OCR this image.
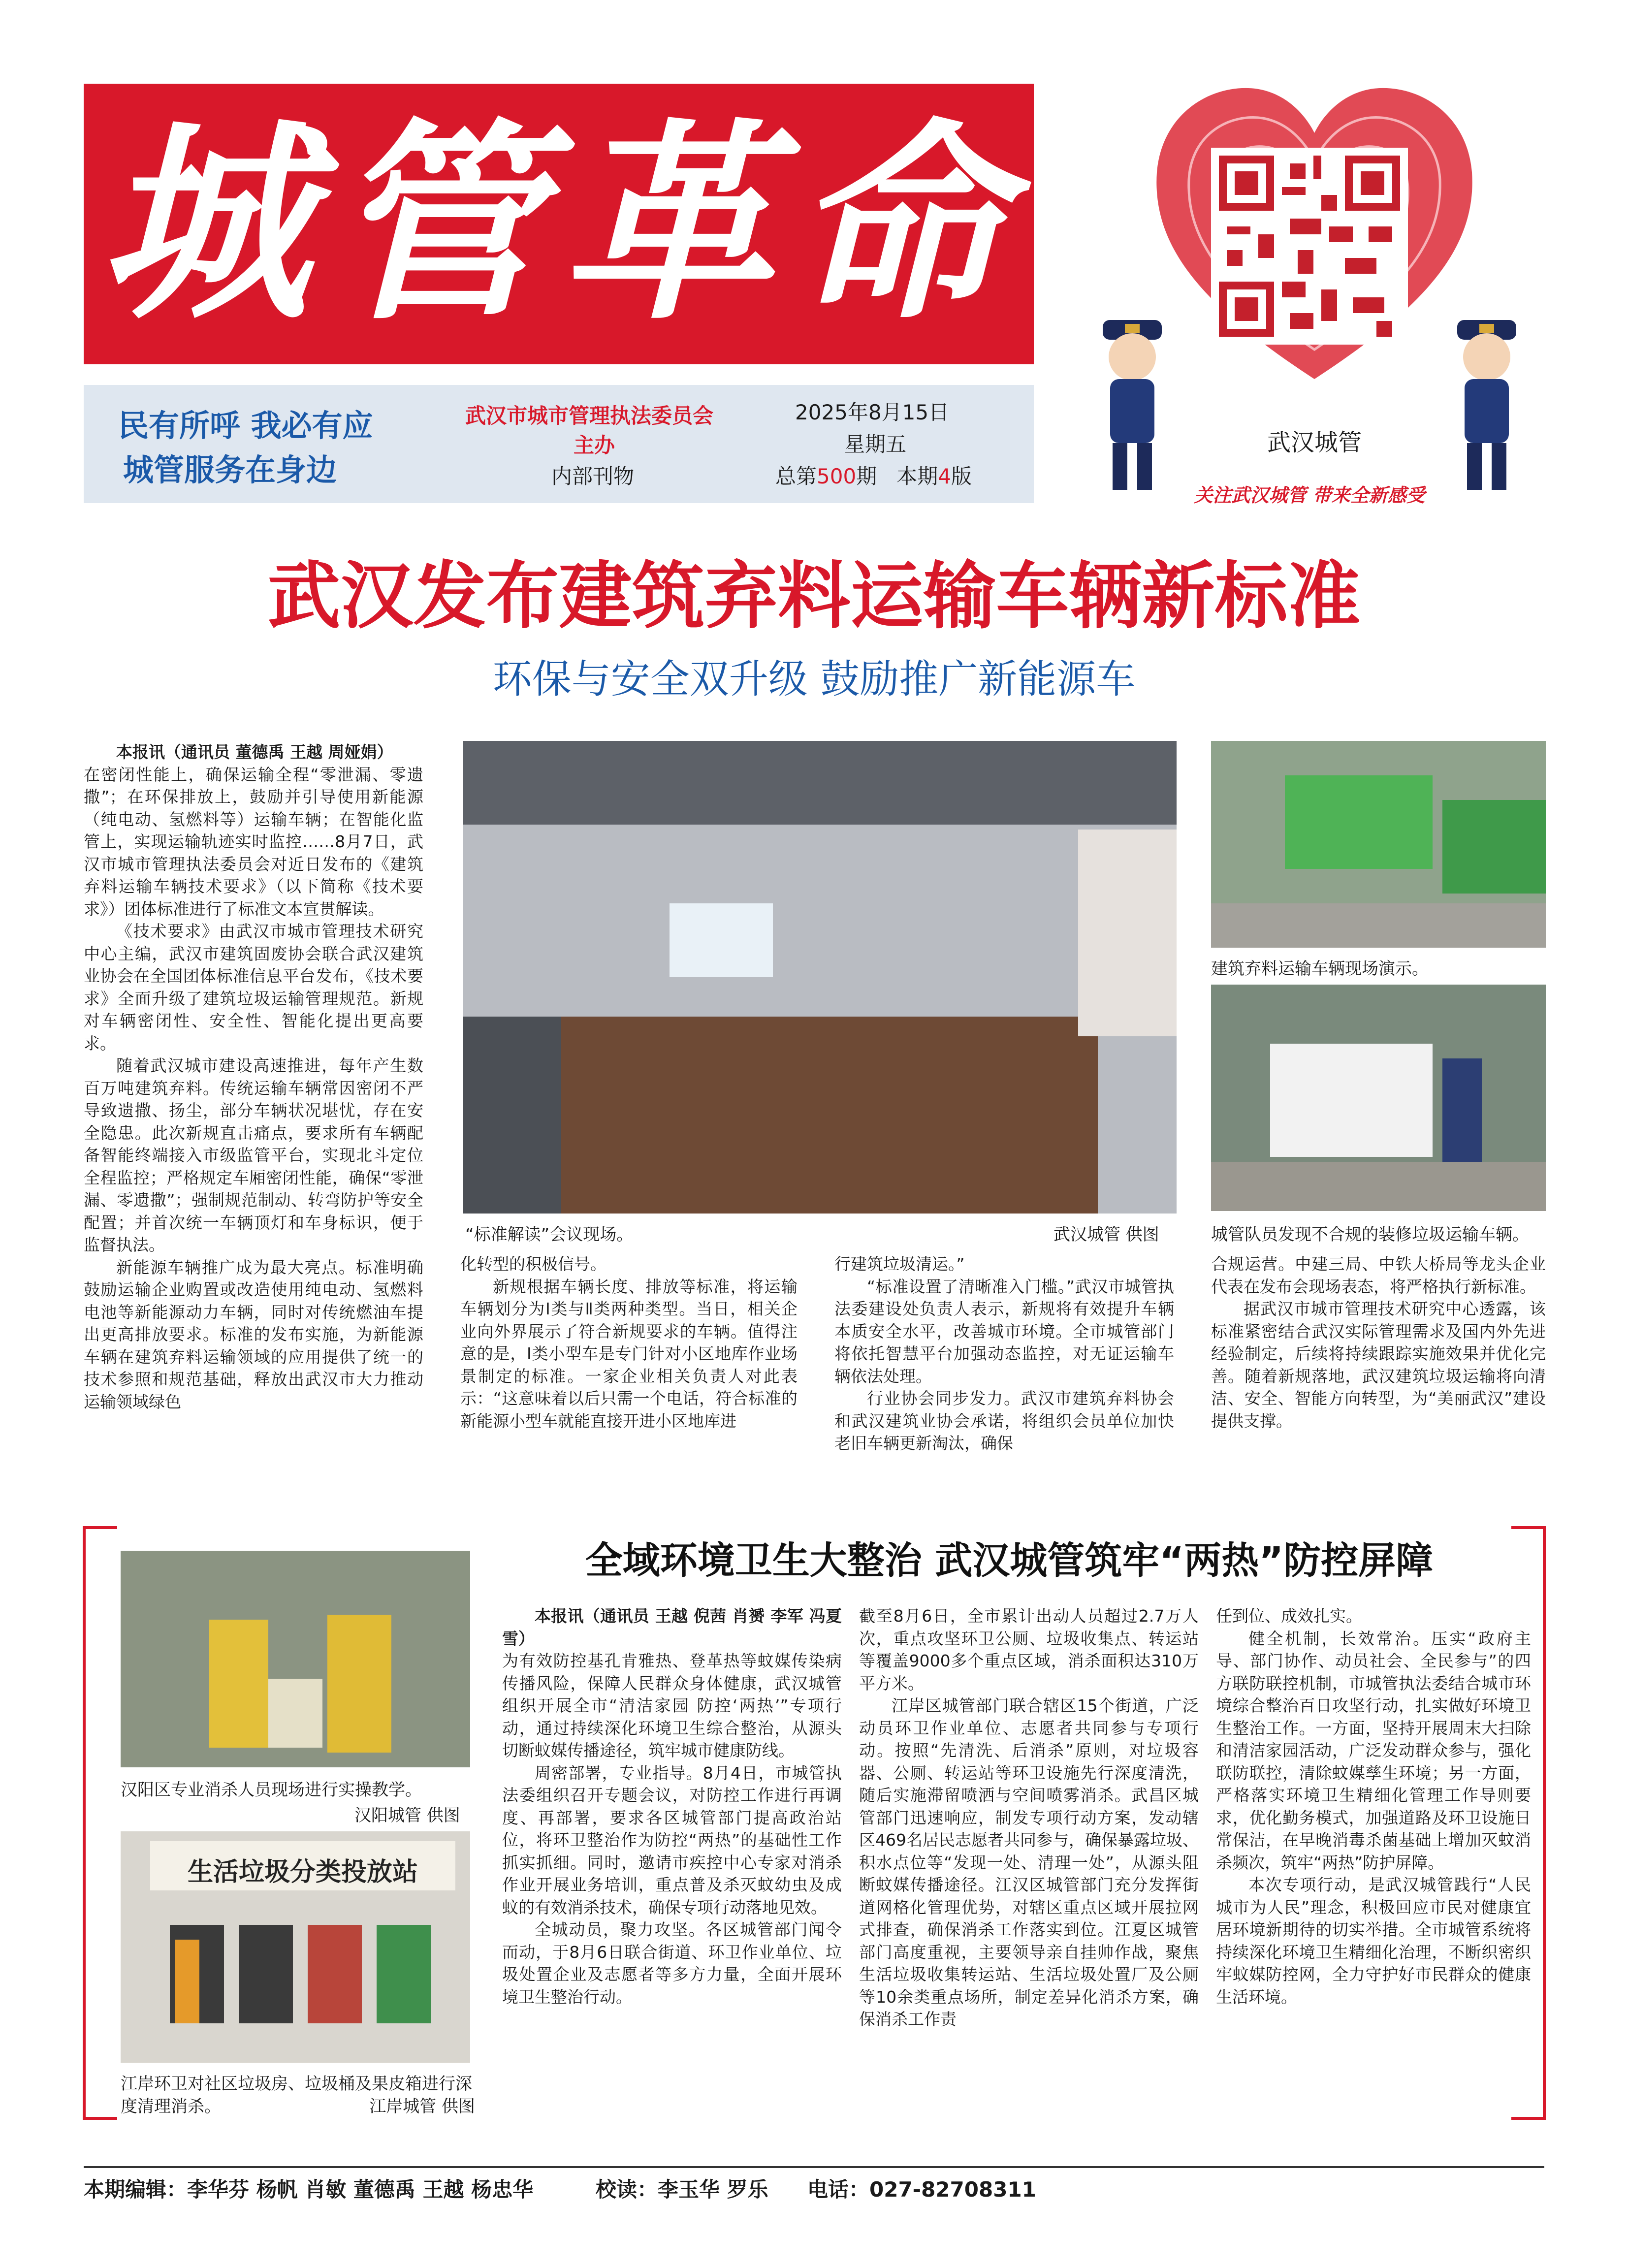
城管革命
民有所呼 我必有应
城管服务在身边
武汉市城市管理执法委员会
主办
内部刊物
2025年8月15日
星期五
总第500期   本期4版
武汉城管
关注武汉城管 带来全新感受
武汉发布建筑弃料运输车辆新标准
环保与安全双升级 鼓励推广新能源车

本报讯（通讯员 董德禹 王越 周娅娟）

在密闭性能上，确保运输全程“零泄漏、零遗撒”；在环保排放上，鼓励并引导使用新能源（纯电动、氢燃料等）运输车辆；在智能化监管上，实现运输轨迹实时监控……8月7日，武汉市城市管理执法委员会对近日发布的《建筑弃料运输车辆技术要求》（以下简称《技术要求》）团体标准进行了标准文本宣贯解读。

《技术要求》由武汉市城市管理技术研究中心主编，武汉市建筑固废协会联合武汉建筑业协会在全国团体标准信息平台发布，《技术要求》全面升级了建筑垃圾运输管理规范。新规对车辆密闭性、安全性、智能化提出更高要求。

随着武汉城市建设高速推进，每年产生数百万吨建筑弃料。传统运输车辆常因密闭不严导致遗撒、扬尘，部分车辆状况堪忧，存在安全隐患。此次新规直击痛点，要求所有车辆配备智能终端接入市级监管平台，实现北斗定位全程监控；严格规定车厢密闭性能，确保“零泄漏、零遗撒”；强制规范制动、转弯防护等安全配置；并首次统一车辆顶灯和车身标识，便于监督执法。

新能源车辆推广成为最大亮点。标准明确鼓励运输企业购置或改造使用纯电动、氢燃料电池等新能源动力车辆，同时对传统燃油车提出更高排放要求。标准的发布实施，为新能源车辆在建筑弃料运输领域的应用提供了统一的技术参照和规范基础，释放出武汉市大力推动运输领域绿色

“标准解读”会议现场。	武汉城管 供图
建筑弃料运输车辆现场演示。
城管队员发现不合规的装修垃圾运输车辆。

化转型的积极信号。

新规根据车辆长度、排放等标准，将运输车辆划分为Ⅰ类与Ⅱ类两种类型。当日，相关企业向外界展示了符合新规要求的车辆。值得注意的是，Ⅰ类小型车是专门针对小区地库作业场景制定的标准。一家企业相关负责人对此表示：“这意味着以后只需一个电话，符合标准的新能源小型车就能直接开进小区地库进

行建筑垃圾清运。”

“标准设置了清晰准入门槛。”武汉市城管执法委建设处负责人表示，新规将有效提升车辆本质安全水平，改善城市环境。全市城管部门将依托智慧平台加强动态监控，对无证运输车辆依法处理。

行业协会同步发力。武汉市建筑弃料协会和武汉建筑业协会承诺，将组织会员单位加快老旧车辆更新淘汰，确保

合规运营。中建三局、中铁大桥局等龙头企业代表在发布会现场表态，将严格执行新标准。

据武汉市城市管理技术研究中心透露，该标准紧密结合武汉实际管理需求及国内外先进经验制定，后续将持续跟踪实施效果并优化完善。随着新规落地，武汉建筑垃圾运输将向清洁、安全、智能方向转型，为“美丽武汉”建设提供支撑。

全域环境卫生大整治 武汉城管筑牢“两热”防控屏障
汉阳区专业消杀人员现场进行实操教学。
汉阳城管 供图
生活垃圾分类投放站
江岸环卫对社区垃圾房、垃圾桶及果皮箱进行深度清理消杀。	江岸城管 供图

本报讯（通讯员 王越 倪茜 肖赟 李军 冯夏雪）

为有效防控基孔肯雅热、登革热等蚊媒传染病传播风险，保障人民群众身体健康，武汉城管组织开展全市“清洁家园 防控‘两热’”专项行动，通过持续深化环境卫生综合整治，从源头切断蚊媒传播途径，筑牢城市健康防线。

周密部署，专业指导。8月4日，市城管执法委组织召开专题会议，对防控工作进行再调度、再部署，要求各区城管部门提高政治站位，将环卫整治作为防控“两热”的基础性工作抓实抓细。同时，邀请市疾控中心专家对消杀作业开展业务培训，重点普及杀灭蚊幼虫及成蚊的有效消杀技术，确保专项行动落地见效。

全城动员，聚力攻坚。各区城管部门闻令而动，于8月6日联合街道、环卫作业单位、垃圾处置企业及志愿者等多方力量，全面开展环境卫生整治行动。

截至8月6日，全市累计出动人员超过2.7万人次，重点攻坚环卫公厕、垃圾收集点、转运站等覆盖9000多个重点区域，消杀面积达310万平方米。

江岸区城管部门联合辖区15个街道，广泛动员环卫作业单位、志愿者共同参与专项行动。按照“先清洗、后消杀”原则，对垃圾容器、公厕、转运站等环卫设施先行深度清洗，随后实施滞留喷洒与空间喷雾消杀。武昌区城管部门迅速响应，制发专项行动方案，发动辖区469名居民志愿者共同参与，确保暴露垃圾、积水点位等“发现一处、清理一处”，从源头阻断蚊媒传播途径。江汉区城管部门充分发挥街道网格化管理优势，对辖区重点区域开展拉网式排查，确保消杀工作落实到位。江夏区城管部门高度重视，主要领导亲自挂帅作战，聚焦生活垃圾收集转运站、生活垃圾处置厂及公厕等10余类重点场所，制定差异化消杀方案，确保消杀工作责

任到位、成效扎实。

健全机制，长效常治。压实“政府主导、部门协作、动员社会、全民参与”的四方联防联控机制，市城管执法委结合城市环境综合整治百日攻坚行动，扎实做好环境卫生整治工作。一方面，坚持开展周末大扫除和清洁家园活动，广泛发动群众参与，强化联防联控，清除蚊媒孳生环境；另一方面，严格落实环境卫生精细化管理工作导则要求，优化勤务模式，加强道路及环卫设施日常保洁，在早晚消毒杀菌基础上增加灭蚊消杀频次，筑牢“两热”防护屏障。

本次专项行动，是武汉城管践行“人民城市为人民”理念，积极回应市民对健康宜居环境新期待的切实举措。全市城管系统将持续深化环境卫生精细化治理，不断织密织牢蚊媒防控网，全力守护好市民群众的健康生活环境。

本期编辑：李华芬 杨帆 肖敏 董德禹 王越 杨忠华	校读：李玉华 罗乐 电话：027-82708311
